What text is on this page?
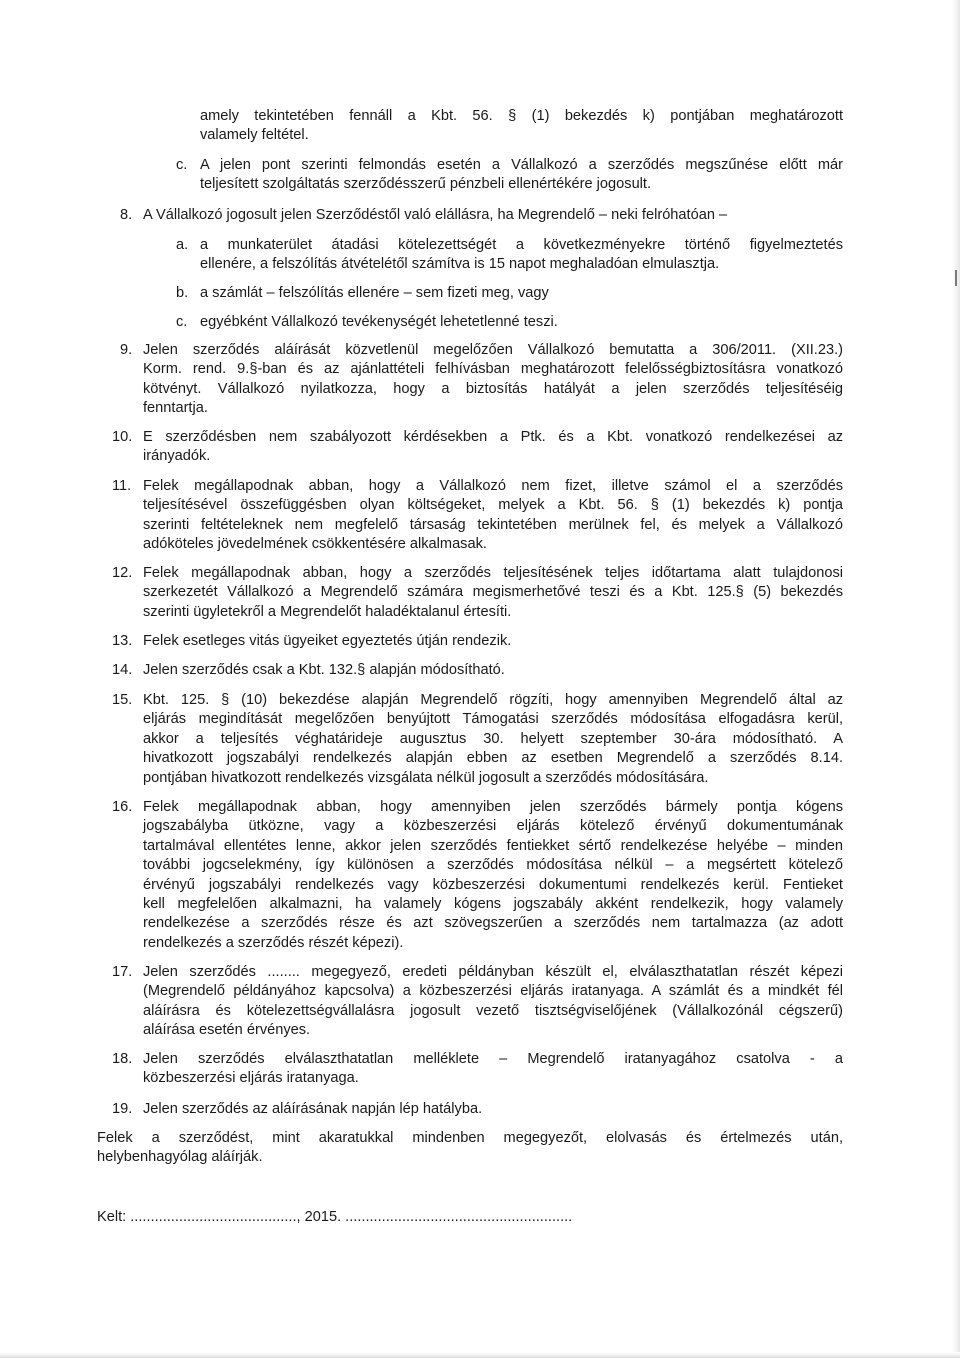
amely tekintetében fennáll a Kbt. 56. § (1) bekezdés k) pontjában meghatározott
valamely feltétel.
c. A jelen pont szerinti felmondás esetén a Vállalkozó a szerződés megszűnése előtt már
teljesített szolgáltatás szerződésszerű pénzbeli ellenértékére jogosult.
8. A Vállalkozó jogosult jelen Szerződéstől való elállásra, ha Megrendelő – neki felróhatóan –
a. a munkaterület átadási kötelezettségét a következményekre történő figyelmeztetés
ellenére, a felszólítás átvételétől számítva is 15 napot meghaladóan elmulasztja.
b. a számlát – felszólítás ellenére – sem fizeti meg, vagy
c. egyébként Vállalkozó tevékenységét lehetetlenné teszi.
9. Jelen szerződés aláírását közvetlenül megelőzően Vállalkozó bemutatta a 306/2011. (XII.23.)
Korm. rend. 9.§-ban és az ajánlattételi felhívásban meghatározott felelősségbiztosításra vonatkozó
kötvényt. Vállalkozó nyilatkozza, hogy a biztosítás hatályát a jelen szerződés teljesítéséig
fenntartja.
10. E szerződésben nem szabályozott kérdésekben a Ptk. és a Kbt. vonatkozó rendelkezései az
irányadók.
11. Felek megállapodnak abban, hogy a Vállalkozó nem fizet, illetve számol el a szerződés
teljesítésével összefüggésben olyan költségeket, melyek a Kbt. 56. § (1) bekezdés k) pontja
szerinti feltételeknek nem megfelelő társaság tekintetében merülnek fel, és melyek a Vállalkozó
adóköteles jövedelmének csökkentésére alkalmasak.
12. Felek megállapodnak abban, hogy a szerződés teljesítésének teljes időtartama alatt tulajdonosi
szerkezetét Vállalkozó a Megrendelő számára megismerhetővé teszi és a Kbt. 125.§ (5) bekezdés
szerinti ügyletekről a Megrendelőt haladéktalanul értesíti.
13. Felek esetleges vitás ügyeiket egyeztetés útján rendezik.
14. Jelen szerződés csak a Kbt. 132.§ alapján módosítható.
15. Kbt. 125. § (10) bekezdése alapján Megrendelő rögzíti, hogy amennyiben Megrendelő által az
eljárás megindítását megelőzően benyújtott Támogatási szerződés módosítása elfogadásra kerül,
akkor a teljesítés véghatárideje augusztus 30. helyett szeptember 30-ára módosítható. A
hivatkozott jogszabályi rendelkezés alapján ebben az esetben Megrendelő a szerződés 8.14.
pontjában hivatkozott rendelkezés vizsgálata nélkül jogosult a szerződés módosítására.
16. Felek megállapodnak abban, hogy amennyiben jelen szerződés bármely pontja kógens
jogszabályba ütközne, vagy a közbeszerzési eljárás kötelező érvényű dokumentumának
tartalmával ellentétes lenne, akkor jelen szerződés fentiekket sértő rendelkezése helyébe – minden
további jogcselekmény, így különösen a szerződés módosítása nélkül – a megsértett kötelező
érvényű jogszabályi rendelkezés vagy közbeszerzési dokumentumi rendelkezés kerül. Fentieket
kell megfelelően alkalmazni, ha valamely kógens jogszabály akként rendelkezik, hogy valamely
rendelkezése a szerződés része és azt szövegszerűen a szerződés nem tartalmazza (az adott
rendelkezés a szerződés részét képezi).
17. Jelen szerződés ........ megegyező, eredeti példányban készült el, elválaszthatatlan részét képezi
(Megrendelő példányához kapcsolva) a közbeszerzési eljárás iratanyaga. A számlát és a mindkét fél
aláírásra és kötelezettségvállalásra jogosult vezető tisztségviselőjének (Vállalkozónál cégszerű)
aláírása esetén érvényes.
18. Jelen szerződés elválaszthatatlan melléklete – Megrendelő iratanyagához csatolva - a
közbeszerzési eljárás iratanyaga.
19. Jelen szerződés az aláírásának napján lép hatályba.
Felek a szerződést, mint akaratukkal mindenben megegyezőt, elolvasás és értelmezés után,
helybenhagyólag aláírják.
Kelt: ........................................., 2015. ........................................................
